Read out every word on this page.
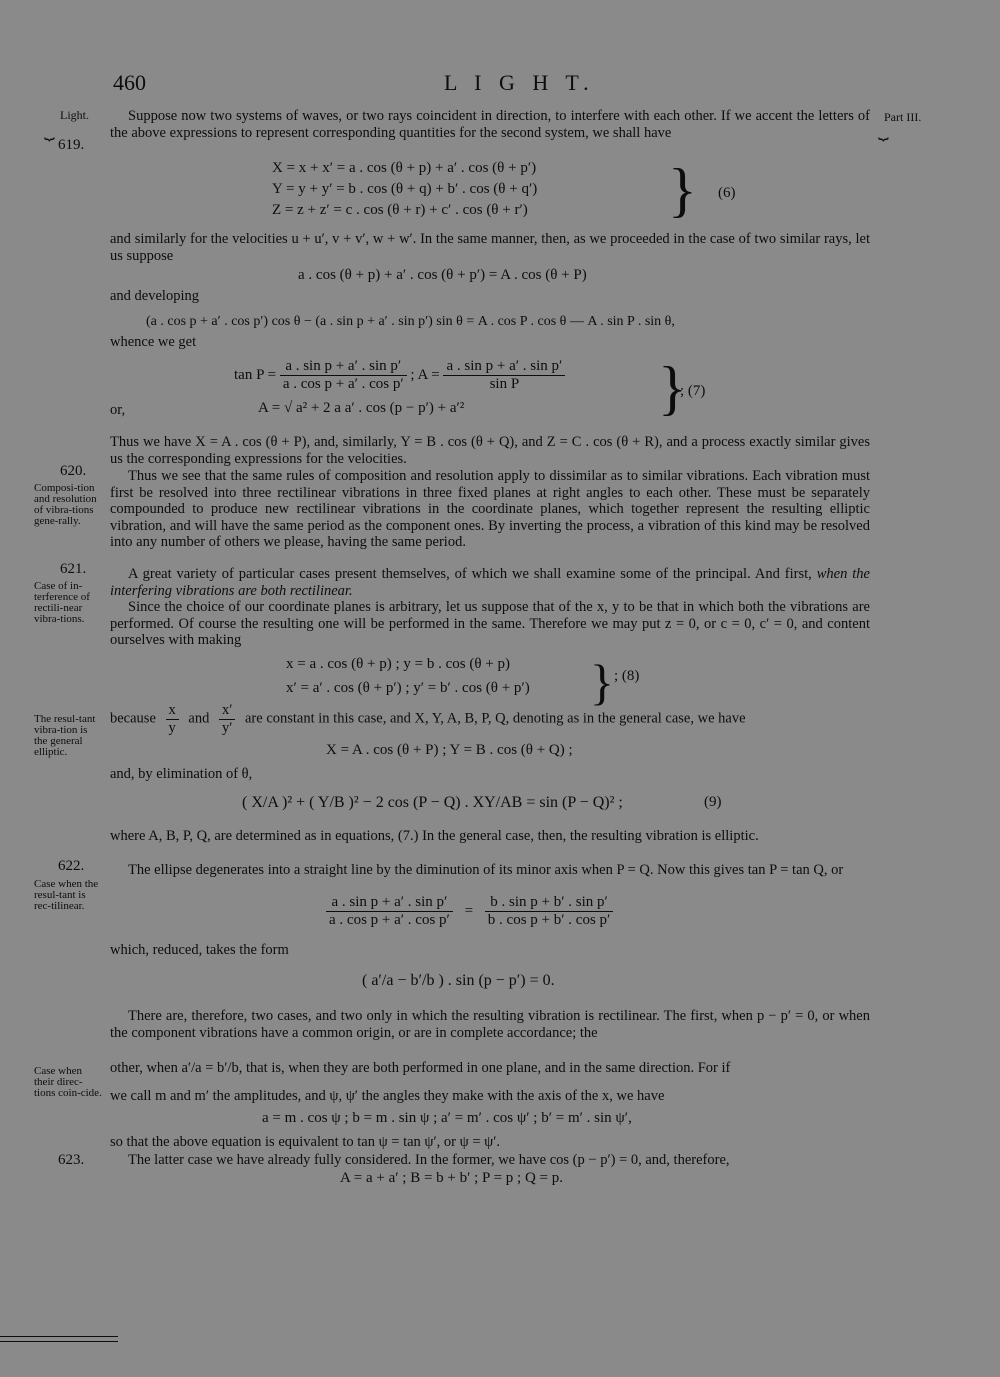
460	L I G H T.
Light.
⏟
619.
620.
Composi-tion and resolution of vibra-tions gene-rally.
621.
Case of in-terference of rectili-near vibra-tions.
The resul-tant vibra-tion is the general elliptic.
622.
Case when the resul-tant is rec-tilinear.
Case when their direc-tions coin-cide.
623.
Part III.
⏟
Suppose now two systems of waves, or two rays coincident in direction, to interfere with each other. If we accent the letters of the above expressions to represent corresponding quantities for the second system, we shall have
X = x + x′ = a . cos (θ + p) + a′ . cos (θ + p′)
Y = y + y′ = b . cos (θ + q) + b′ . cos (θ + q′)
Z = z + z′ = c . cos (θ + r) + c′ . cos (θ + r′) } (6)
and similarly for the velocities u + u′, v + v′, w + w′. In the same manner, then, as we proceeded in the case of two similar rays, let us suppose
a . cos (θ + p) + a′ . cos (θ + p′) = A . cos (θ + P)
and developing
(a . cos p + a′ . cos p′) cos θ − (a . sin p + a′ . sin p′) sin θ = A . cos P . cos θ — A . sin P . sin θ,
whence we get
$\tan P = \frac{\text{a . sin p + a′ . sin p′}}{\text{a . cos p + a′ . cos p′}}$ ; $A = \frac{\text{a . sin p + a′ . sin p′}}{\text{sin P}}$
or,	A = √ a² + 2 a a′ . cos (p − p′) + a′²	}
; (7)
Thus we have X = A . cos (θ + P), and, similarly, Y = B . cos (θ + Q), and Z = C . cos (θ + R), and a process exactly similar gives us the corresponding expressions for the velocities.
Thus we see that the same rules of composition and resolution apply to dissimilar as to similar vibrations. Each vibration must first be resolved into three rectilinear vibrations in three fixed planes at right angles to each other. These must be separately compounded to produce new rectilinear vibrations in the coordinate planes, which together represent the resulting elliptic vibration, and will have the same period as the component ones. By inverting the process, a vibration of this kind may be resolved into any number of others we please, having the same period.
A great variety of particular cases present themselves, of which we shall examine some of the principal. And first, when the interfering vibrations are both rectilinear.
Since the choice of our coordinate planes is arbitrary, let us suppose that of the x, y to be that in which both the vibrations are performed. Of course the resulting one will be performed in the same. Therefore we may put z = 0, or c = 0, c′ = 0, and content ourselves with making
x = a . cos (θ + p) ; y = b . cos (θ + p)
x′ = a′ . cos (θ + p′) ; y′ = b′ . cos (θ + p′) } ; (8)
because $\frac{x}{y}$ and $\frac{x'}{y'}$ are constant in this case, and X, Y, A, B, P, Q, denoting as in the general case, we have
X = A . cos (θ + P) ; Y = B . cos (θ + Q) ;
and, by elimination of θ,
( X/A )² + ( Y/B )² − 2 cos (P − Q) . XY/AB = sin (P − Q)² ;	(9)
where A, B, P, Q, are determined as in equations, (7.) In the general case, then, the resulting vibration is elliptic.
The ellipse degenerates into a straight line by the diminution of its minor axis when P = Q. Now this gives tan P = tan Q, or
$\frac{\text{a . sin p + a′ . sin p′}}{\text{a . cos p + a′ . cos p′}} = \frac{\text{b . sin p + b′ . sin p′}}{\text{b . cos p + b′ . cos p′}}$
which, reduced, takes the form
( a′/a − b′/b ) . sin (p − p′) = 0.
There are, therefore, two cases, and two only in which the resulting vibration is rectilinear. The first, when p − p′ = 0, or when the component vibrations have a common origin, or are in complete accordance; the
other, when a′/a = b′/b, that is, when they are both performed in one plane, and in the same direction. For if
we call m and m′ the amplitudes, and ψ, ψ′ the angles they make with the axis of the x, we have
a = m . cos ψ ; b = m . sin ψ ; a′ = m′ . cos ψ′ ; b′ = m′ . sin ψ′,
so that the above equation is equivalent to tan ψ = tan ψ′, or ψ = ψ′.
The latter case we have already fully considered. In the former, we have cos (p − p′) = 0, and, therefore,
A = a + a′ ; B = b + b′ ; P = p ; Q = p.
